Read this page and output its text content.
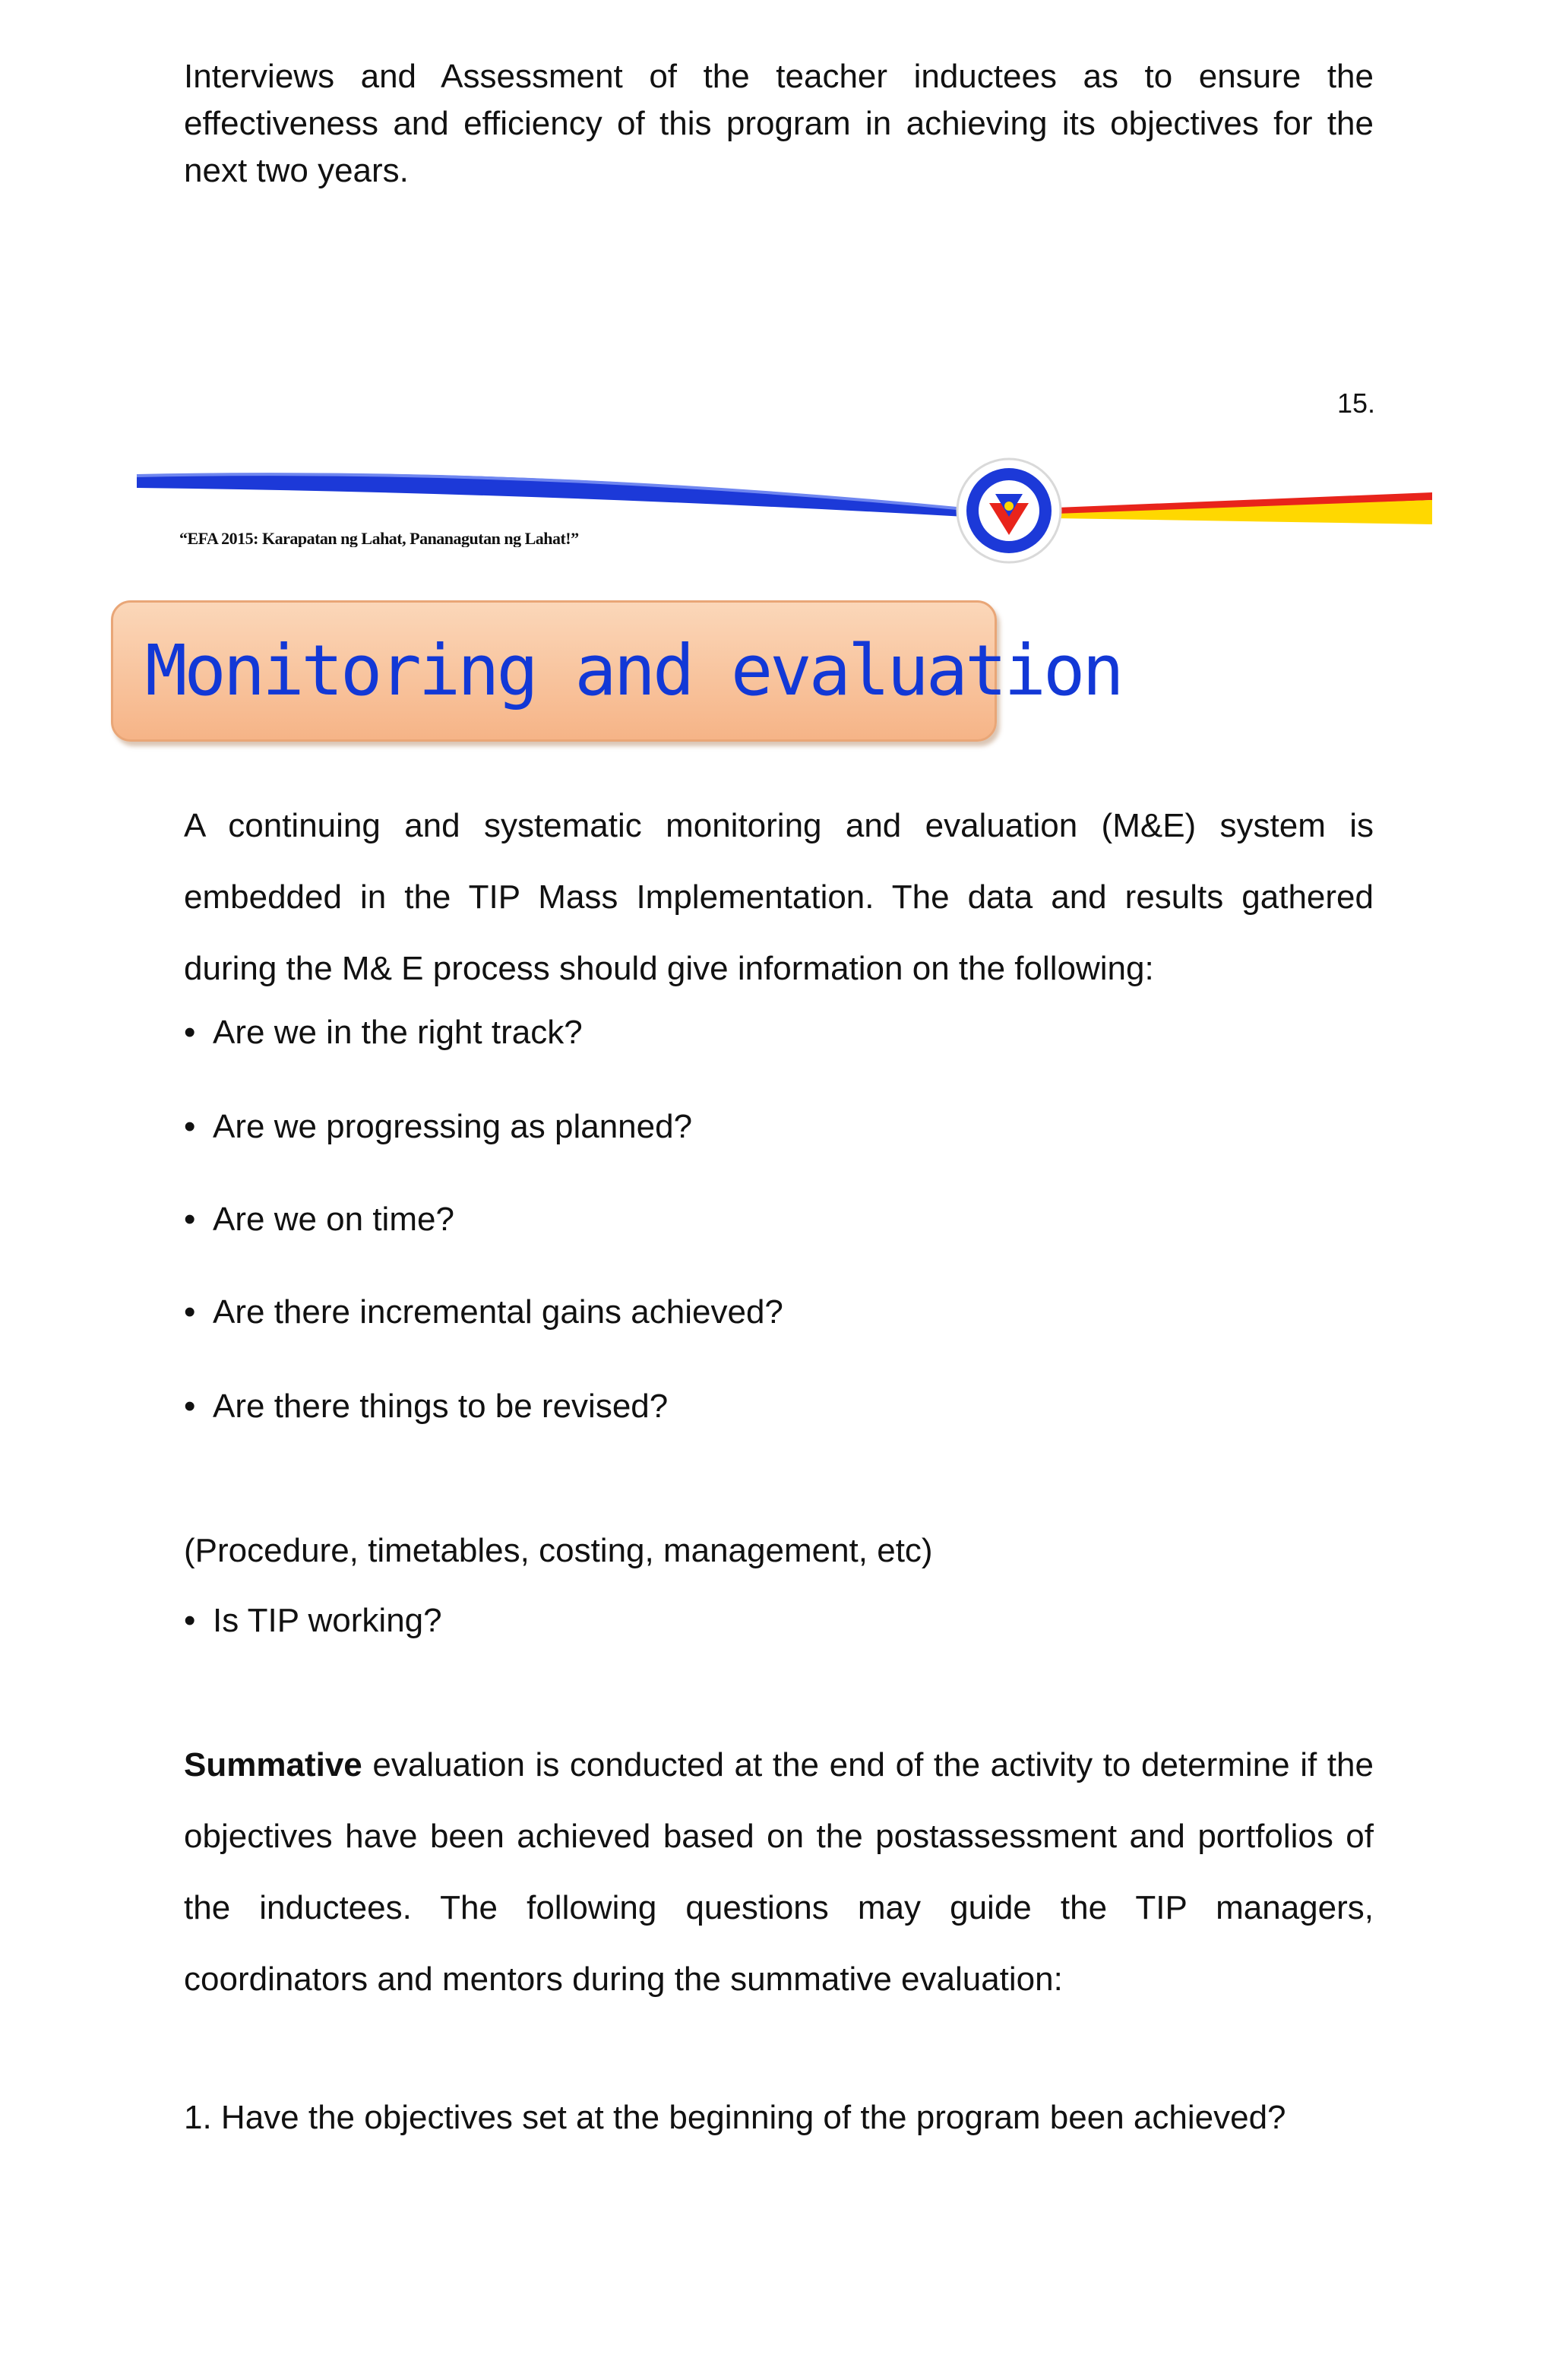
Interviews and Assessment of the teacher inductees as to ensure the effectiveness and efficiency of this program in achieving its objectives for the next two years.

15.
“EFA 2015: Karapatan ng Lahat, Pananagutan ng Lahat!”
Monitoring and evaluation

A continuing and systematic monitoring and evaluation (M&E) system is embedded in the TIP Mass Implementation. The data and results gathered during the M& E process should give information on the following:

• Are we in the right track?
• Are we progressing as planned?
• Are we on time?
• Are there incremental gains achieved?
• Are there things to be revised?
(Procedure, timetables, costing, management, etc)
• Is TIP working?

Summative evaluation is conducted at the end of the activity to determine if the objectives have been achieved based on the postassessment and portfolios of the inductees. The following questions may guide the TIP managers, coordinators and mentors during the summative evaluation:

1. Have the objectives set at the beginning of the program been achieved?
